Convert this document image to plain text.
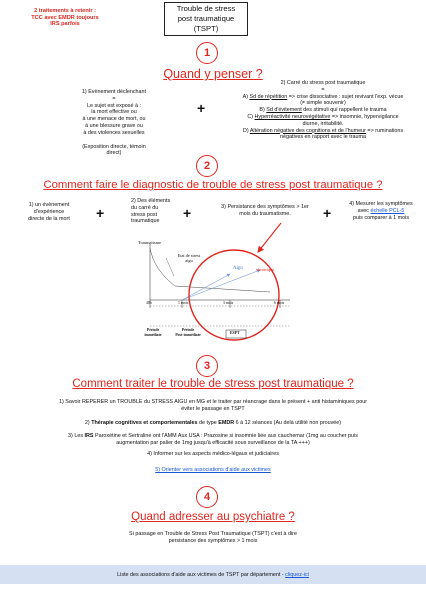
2 traitements à retenir :
TCC avec EMDR toujours
IRS parfois
Trouble de stress
post traumatique
(TSPT)
1
Quand y penser ?
1) Evènement déclenchant
=
Le sujet est exposé à :
la mort effective ou
à une menace de mort, ou
à une blessure grave ou
à des violences sexuelles
(Exposition directe, témoin
direct)
+
2) Carré du stress post traumatique
=
A) Sd de répétition => crise dissociative : sujet revivant l'exp. vécue
(≠ simple souvenir)
B) Sd d'évitement des stimuli qui rappellent le trauma
C) Hyperréactivité neurovégétative => insomnie, hypervigilance
diurne, irritabilité.
D) Altération négative des cognitions et de l'humeur => ruminations
négatives en rapport avec le trauma
2
Comment faire le diagnostic de trouble de stress post traumatique ?
1) un évènement
d'expérience
directe de la mort	+
2) Des éléments
du carré du
stress post
traumatique
+	3) Persistance des symptômes > 1er
mois du traumatisme.	+
4) Mesurer les symptômes
avec échelle PCL-5
puis comparer à 1 mois
Traumatisme
Etat de stress
aigu
Aigu	chronique
48h	1 mois	3 mois	6 mois
Période
immédiate
Période
Post-immédiate	ESPT
3
Comment traiter le trouble de stress post traumatique ?
1) Savoir REPERER un TROUBLE du STRESS AIGU en MG et le traiter par réancrage dans le présent + anti histaminiques pour
éviter le passage en TSPT
2) Thérapie cognitives et comportementales de type EMDR 6 à 12 séances (Au delà utilité non prouvée)
3) Les IRS Paroxétine et Sertraline ont l'AMM Aux USA : Prazosine si insomnie liée aux cauchemar (1mg au coucher puis
augmentation par palier de 1mg jusqu'à efficacité sous surveillance de la TA +++)
4) Informer sur les aspects médico-légaux et judiciaires
5) Orienter vers associations d'aide aux victimes
4
Quand adresser au psychiatre ?
Si passage en Trouble de Stress Post Traumatique (TSPT) c'est à dire
persistance des symptômes > 1 mois
Liste des associations d'aide aux victimes de TSPT par département - cliquez-ici
